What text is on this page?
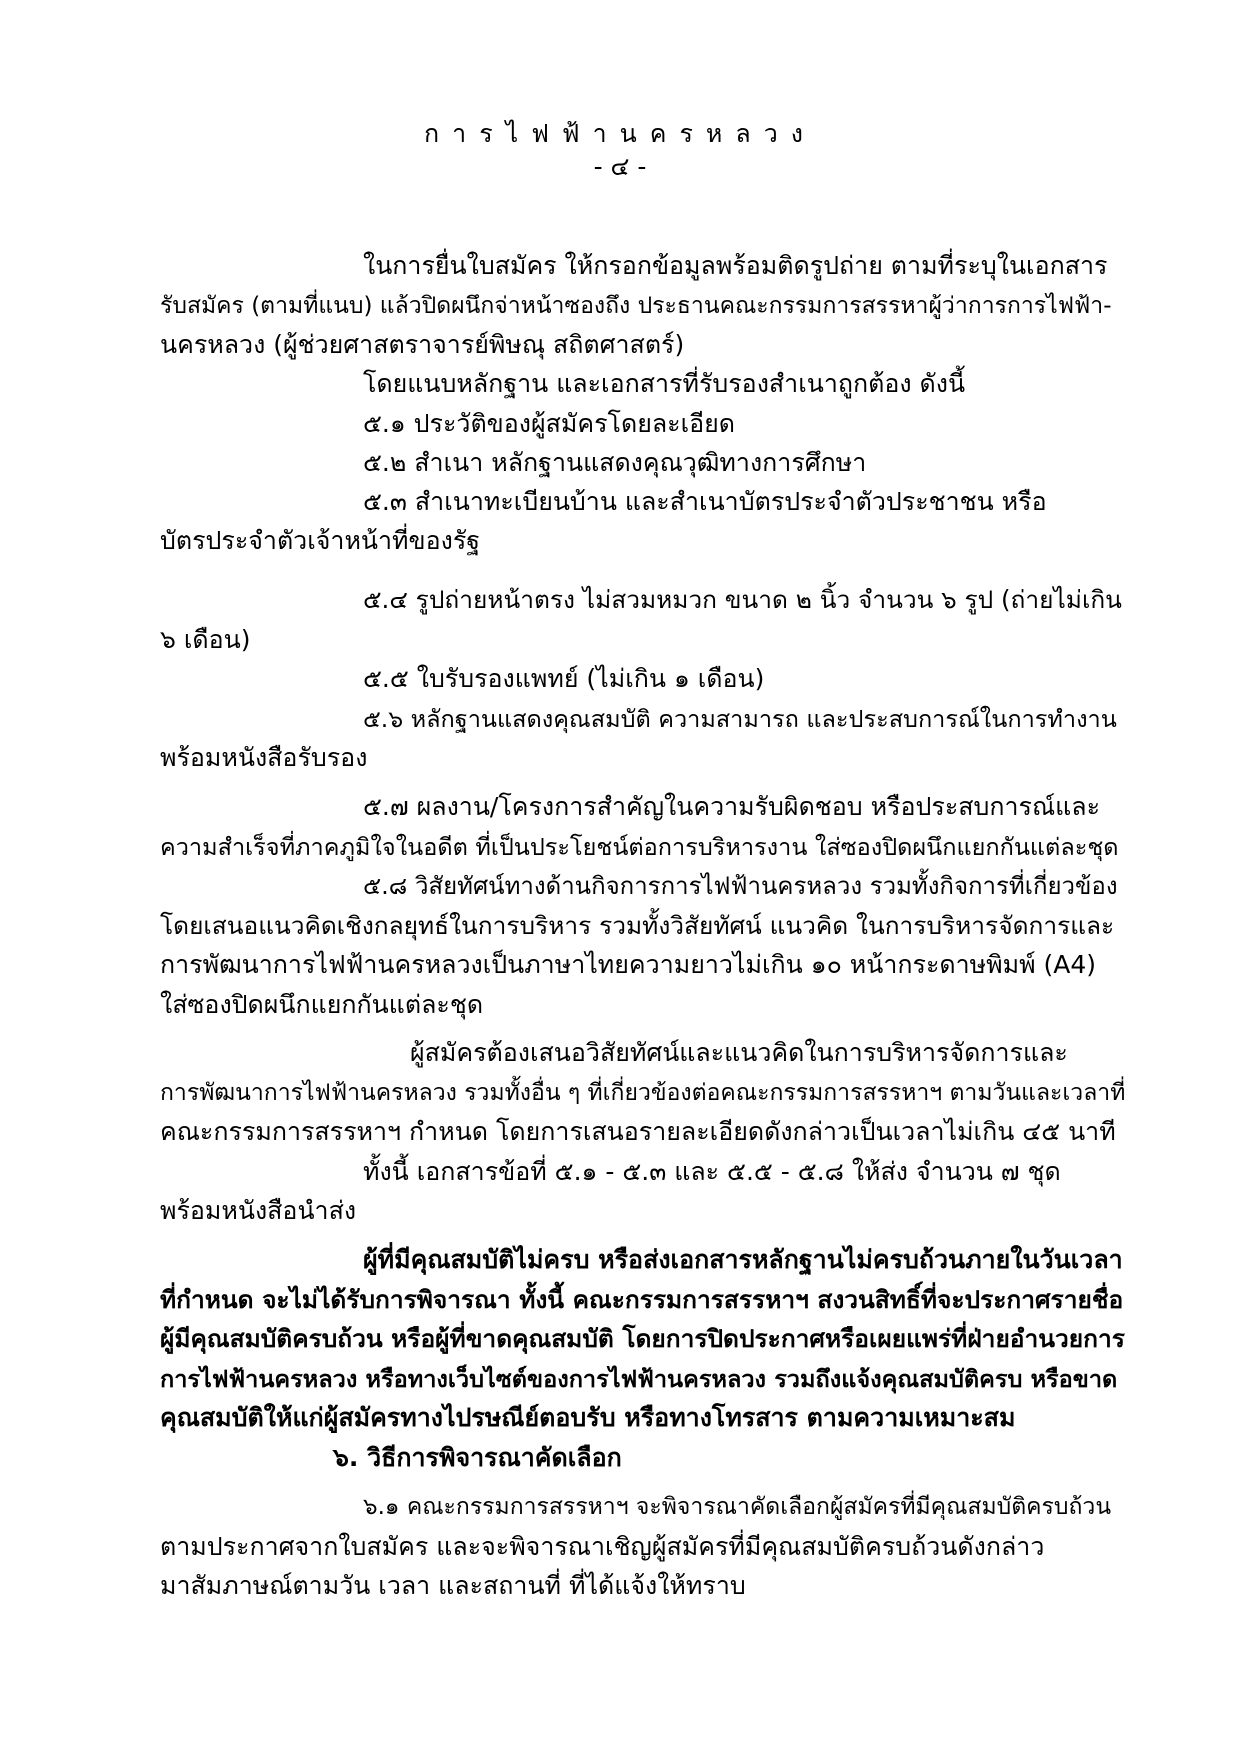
การไฟฟ้านครหลวง
- ๔ -
ในการยื่นใบสมัคร ให้กรอกข้อมูลพร้อมติดรูปถ่าย ตามที่ระบุในเอกสาร
รับสมัคร (ตามที่แนบ) แล้วปิดผนึกจ่าหน้าซองถึง ประธานคณะกรรมการสรรหาผู้ว่าการการไฟฟ้า-
นครหลวง (ผู้ช่วยศาสตราจารย์พิษณุ สถิตศาสตร์)
โดยแนบหลักฐาน และเอกสารที่รับรองสำเนาถูกต้อง ดังนี้
๕.๑ ประวัติของผู้สมัครโดยละเอียด
๕.๒ สำเนา หลักฐานแสดงคุณวุฒิทางการศึกษา
๕.๓ สำเนาทะเบียนบ้าน และสำเนาบัตรประจำตัวประชาชน หรือ
บัตรประจำตัวเจ้าหน้าที่ของรัฐ
๕.๔ รูปถ่ายหน้าตรง ไม่สวมหมวก ขนาด ๒ นิ้ว จำนวน ๖ รูป (ถ่ายไม่เกิน
๖ เดือน)
๕.๕ ใบรับรองแพทย์ (ไม่เกิน ๑ เดือน)
๕.๖ หลักฐานแสดงคุณสมบัติ ความสามารถ และประสบการณ์ในการทำงาน
พร้อมหนังสือรับรอง
๕.๗ ผลงาน/โครงการสำคัญในความรับผิดชอบ หรือประสบการณ์และ
ความสำเร็จที่ภาคภูมิใจในอดีต ที่เป็นประโยชน์ต่อการบริหารงาน ใส่ซองปิดผนึกแยกกันแต่ละชุด
๕.๘ วิสัยทัศน์ทางด้านกิจการการไฟฟ้านครหลวง รวมทั้งกิจการที่เกี่ยวข้อง
โดยเสนอแนวคิดเชิงกลยุทธ์ในการบริหาร รวมทั้งวิสัยทัศน์ แนวคิด ในการบริหารจัดการและ
การพัฒนาการไฟฟ้านครหลวงเป็นภาษาไทยความยาวไม่เกิน ๑๐ หน้ากระดาษพิมพ์ (A4)
ใส่ซองปิดผนึกแยกกันแต่ละชุด
ผู้สมัครต้องเสนอวิสัยทัศน์และแนวคิดในการบริหารจัดการและ
การพัฒนาการไฟฟ้านครหลวง รวมทั้งอื่น ๆ ที่เกี่ยวข้องต่อคณะกรรมการสรรหาฯ ตามวันและเวลาที่
คณะกรรมการสรรหาฯ กำหนด โดยการเสนอรายละเอียดดังกล่าวเป็นเวลาไม่เกิน ๔๕ นาที
ทั้งนี้ เอกสารข้อที่ ๕.๑ - ๕.๓ และ ๕.๕ - ๕.๘ ให้ส่ง จำนวน ๗ ชุด
พร้อมหนังสือนำส่ง
ผู้ที่มีคุณสมบัติไม่ครบ หรือส่งเอกสารหลักฐานไม่ครบถ้วนภายในวันเวลา
ที่กำหนด จะไม่ได้รับการพิจารณา ทั้งนี้ คณะกรรมการสรรหาฯ สงวนสิทธิ์ที่จะประกาศรายชื่อ
ผู้มีคุณสมบัติครบถ้วน หรือผู้ที่ขาดคุณสมบัติ โดยการปิดประกาศหรือเผยแพร่ที่ฝ่ายอำนวยการ
การไฟฟ้านครหลวง หรือทางเว็บไซต์ของการไฟฟ้านครหลวง รวมถึงแจ้งคุณสมบัติครบ หรือขาด
คุณสมบัติให้แก่ผู้สมัครทางไปรษณีย์ตอบรับ หรือทางโทรสาร ตามความเหมาะสม
๖. วิธีการพิจารณาคัดเลือก
๖.๑ คณะกรรมการสรรหาฯ จะพิจารณาคัดเลือกผู้สมัครที่มีคุณสมบัติครบถ้วน
ตามประกาศจากใบสมัคร และจะพิจารณาเชิญผู้สมัครที่มีคุณสมบัติครบถ้วนดังกล่าว
มาสัมภาษณ์ตามวัน เวลา และสถานที่ ที่ได้แจ้งให้ทราบ
